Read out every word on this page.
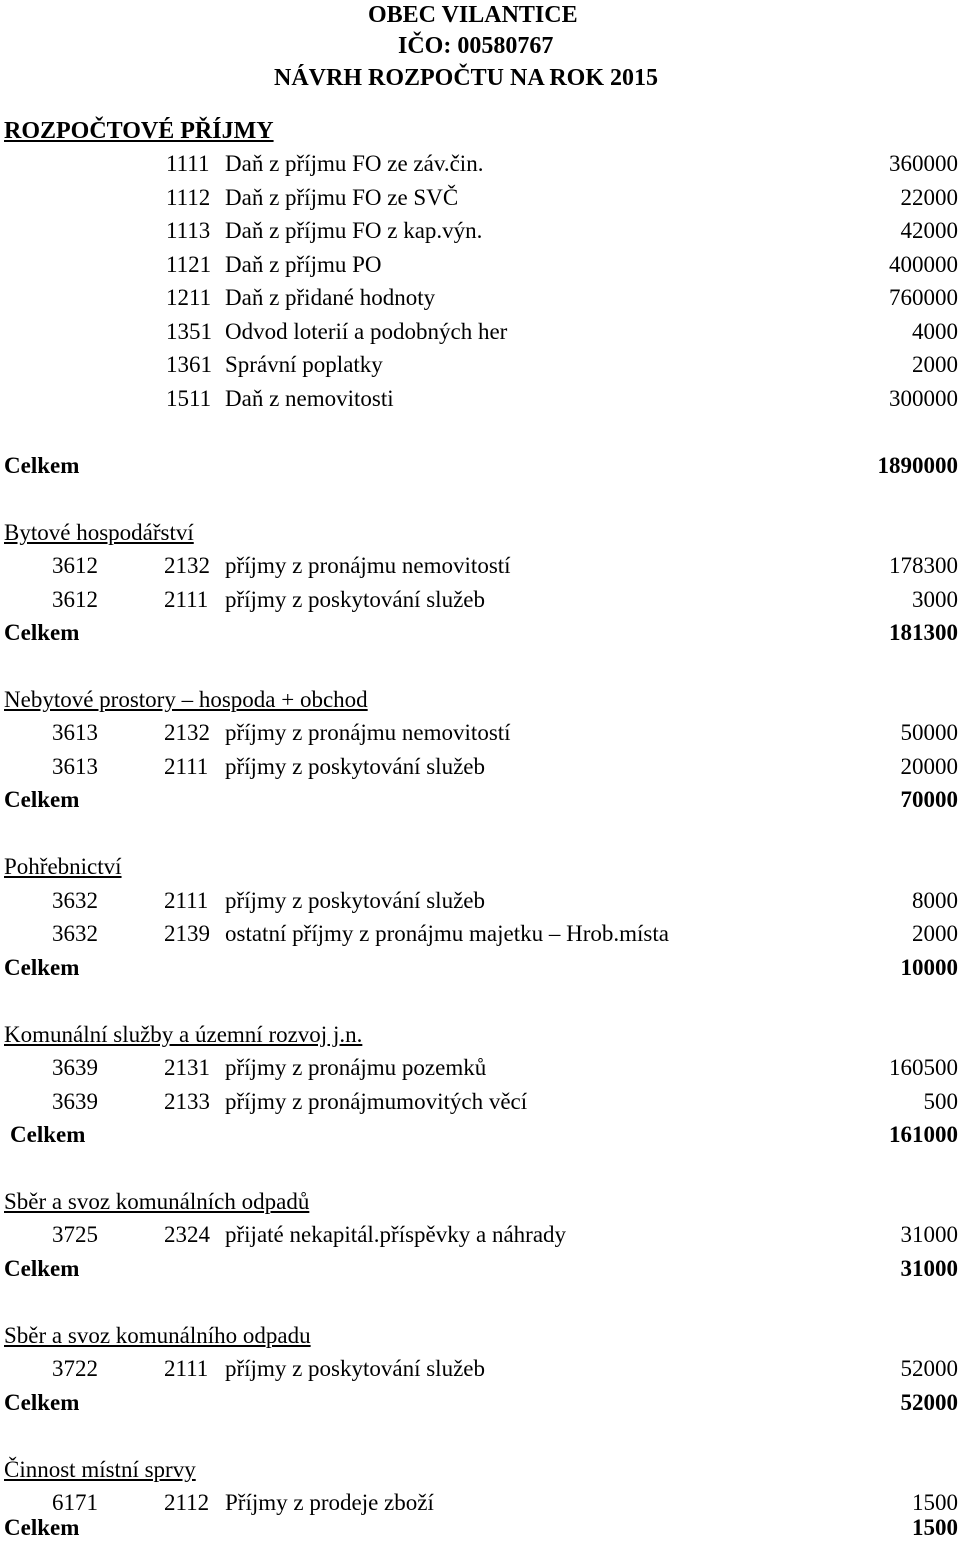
OBEC VILANTICE
IČO: 00580767
NÁVRH ROZPOČTU NA ROK 2015
ROZPOČTOVÉ PŘÍJMY
1111 Daň z příjmu FO ze záv.čin.	360000
1112 Daň z příjmu FO ze SVČ	22000
1113 Daň z příjmu FO z kap.výn.	42000
1121 Daň z příjmu PO	400000
1211 Daň z přidané hodnoty	760000
1351 Odvod loterií a podobných her	4000
1361 Správní poplatky	2000
1511 Daň z nemovitosti	300000
Celkem	1890000
Bytové hospodářství
3612	2132 příjmy z pronájmu nemovitostí	178300
3612	2111 příjmy z poskytování služeb	3000
Celkem	181300
Nebytové prostory – hospoda + obchod
3613	2132 příjmy z pronájmu nemovitostí	50000
3613	2111 příjmy z poskytování služeb	20000
Celkem	70000
Pohřebnictví
3632	2111 příjmy z poskytování služeb	8000
3632	2139 ostatní příjmy z pronájmu majetku – Hrob.místa	2000
Celkem	10000
Komunální služby a územní rozvoj j.n.
3639	2131 příjmy z pronájmu pozemků	160500
3639	2133 příjmy z pronájmumovitých věcí	500
Celkem	161000
Sběr a svoz komunálních odpadů
3725	2324 přijaté nekapitál.příspěvky a náhrady	31000
Celkem	31000
Sběr a svoz komunálního odpadu
3722	2111 příjmy z poskytování služeb	52000
Celkem	52000
Činnost místní sprvy
6171	2112 Příjmy z prodeje zboží	1500
Celkem	1500
